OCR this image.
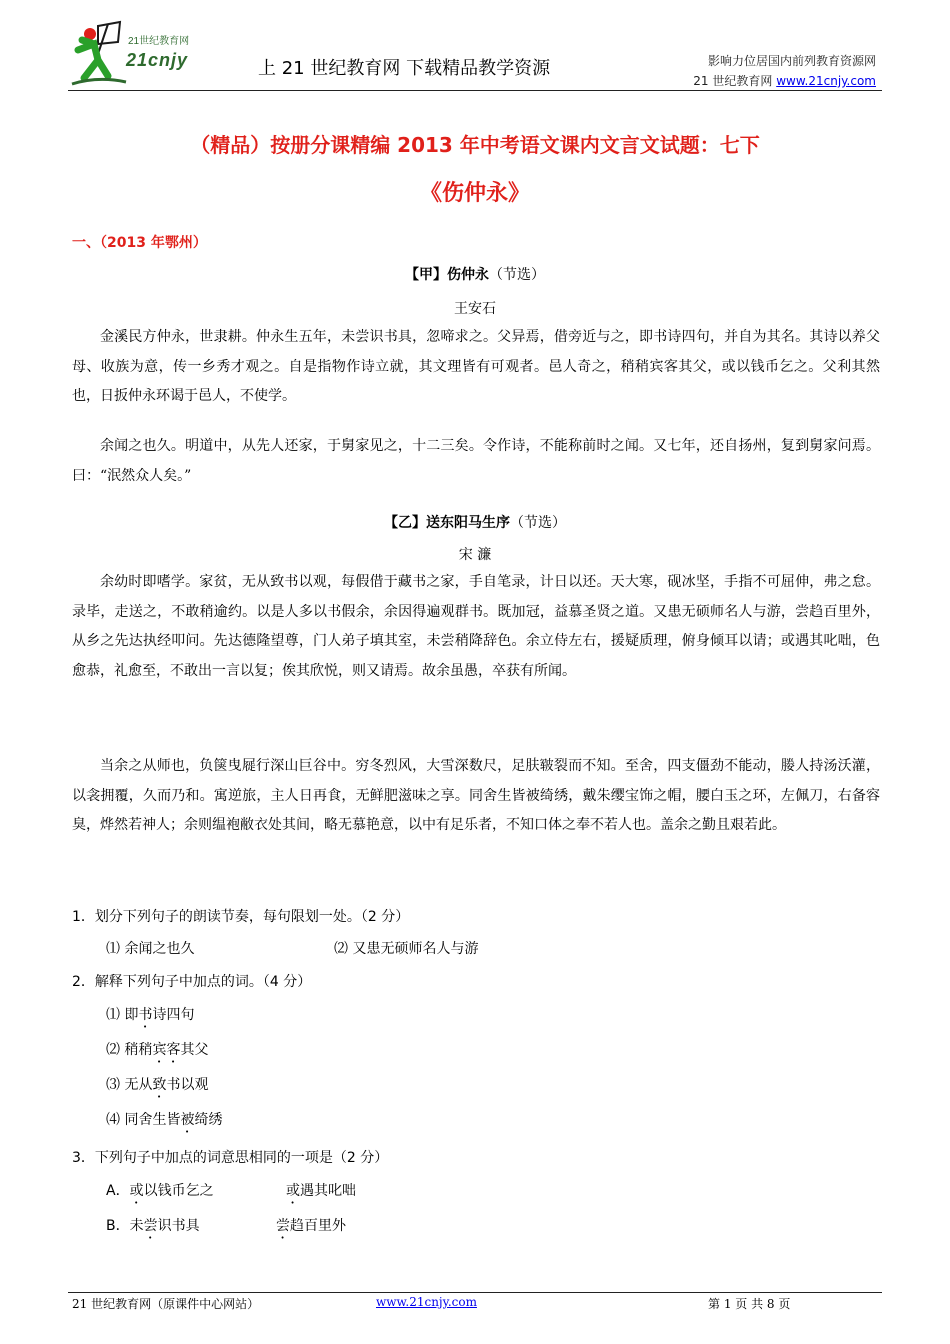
21世纪教育网
21cnjy	上 21 世纪教育网 下载精品教学资源	影响力位居国内前列教育资源网
21 世纪教育网 www.21cnjy.com
（精品）按册分课精编 2013 年中考语文课内文言文试题：七下
《伤仲永》
一、（2013 年鄂州）
【甲】伤仲永（节选）
王安石
金溪民方仲永，世隶耕。仲永生五年，未尝识书具，忽啼求之。父异焉，借旁近与之，即书诗四句，并自为其名。其诗以养父母、收族为意，传一乡秀才观之。自是指物作诗立就，其文理皆有可观者。邑人奇之，稍稍宾客其父，或以钱币乞之。父利其然也，日扳仲永环谒于邑人，不使学。
余闻之也久。明道中，从先人还家，于舅家见之，十二三矣。令作诗，不能称前时之闻。又七年，还自扬州，复到舅家问焉。曰：“泯然众人矣。”
【乙】送东阳马生序（节选）
宋 濂
余幼时即嗜学。家贫，无从致书以观，每假借于藏书之家，手自笔录，计日以还。天大寒，砚冰坚，手指不可屈伸，弗之怠。录毕，走送之，不敢稍逾约。以是人多以书假余，余因得遍观群书。既加冠，益慕圣贤之道。又患无硕师名人与游，尝趋百里外，从乡之先达执经叩问。先达德隆望尊，门人弟子填其室，未尝稍降辞色。余立侍左右，援疑质理，俯身倾耳以请；或遇其叱咄，色愈恭，礼愈至，不敢出一言以复；俟其欣悦，则又请焉。故余虽愚，卒获有所闻。
当余之从师也，负箧曳屣行深山巨谷中。穷冬烈风，大雪深数尺，足肤皲裂而不知。至舍，四支僵劲不能动，媵人持汤沃灌，以衾拥覆，久而乃和。寓逆旅，主人日再食，无鲜肥滋味之享。同舍生皆被绮绣，戴朱缨宝饰之帽，腰白玉之环，左佩刀，右备容臭，烨然若神人；余则缊袍敝衣处其间，略无慕艳意，以中有足乐者，不知口体之奉不若人也。盖余之勤且艰若此。
1．划分下列句子的朗读节奏，每句限划一处。（2 分）
⑴ 余闻之也久	⑵ 又患无硕师名人与游
2．解释下列句子中加点的词。（4 分）
⑴ 即书诗四句
⑵ 稍稍宾客其父
⑶ 无从致书以观
⑷ 同舍生皆被绮绣
3．下列句子中加点的词意思相同的一项是（2 分）
A．或以钱币乞之	或遇其叱咄
B．未尝识书具	尝趋百里外
21 世纪教育网（原课件中心网站）	www.21cnjy.com	第 1 页 共 8 页
